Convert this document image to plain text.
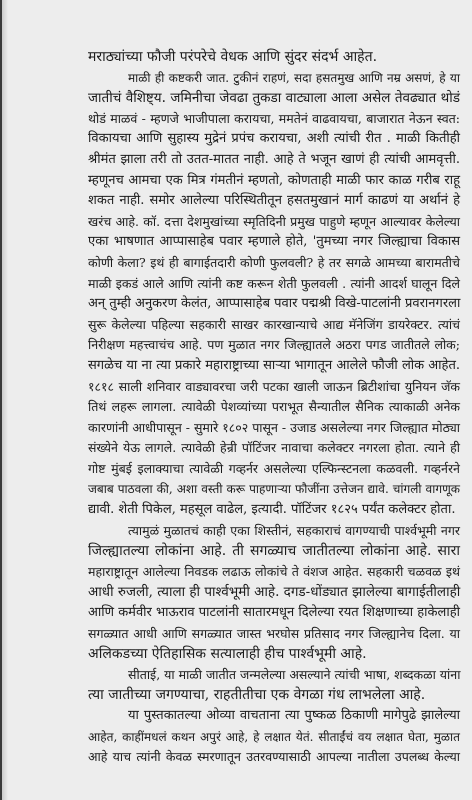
मराठ्यांच्या फौजी परंपरेचे वेधक आणि सुंदर संदर्भ आहेत.
माळी ही कष्टकरी जात. टुकीनं राहणं, सदा हसतमुख आणि नम्र असणं, हे या
जातीचं वैशिष्ट्य. जमिनीचा जेवढा तुकडा वाट्याला आला असेल तेवढ्यात थोडं
थोडं माळवं - म्हणजे भाजीपाला करायचा, ममतेनं वाढवायचा, बाजारात नेऊन स्वत:
विकायचा आणि सुहास्य मुद्रेनं प्रपंच करायचा, अशी त्यांची रीत . माळी कितीही
श्रीमंत झाला तरी तो उतत-मातत नाही. आहे ते भजून खाणं ही त्यांची आमवृत्ती.
म्हणूनच आमचा एक मित्र गंमतीनं म्हणतो, कोणताही माळी फार काळ गरीब राहू
शकत नाही. समोर आलेल्या परिस्थितीतून हसतमुखानं मार्ग काढणं या अर्थानं हे
खरंच आहे. कॉ. दत्ता देशमुखांच्या स्मृतिदिनी प्रमुख पाहुणे म्हणून आल्यावर केलेल्या
एका भाषणात आप्पासाहेब पवार म्हणाले होते, 'तुमच्या नगर जिल्ह्याचा विकास
कोणी केला? इथं ही बागाईतदारी कोणी फुलवली? हे तर सगळे आमच्या बारामतीचे
माळी इकडं आले आणि त्यांनी कष्ट करून शेती फुलवली . त्यांनी आदर्श घालून दिले
अन् तुम्ही अनुकरण केलंत, आप्पासाहेब पवार पद्मश्री विखे-पाटलांनी प्रवरानगरला
सुरू केलेल्या पहिल्या सहकारी साखर कारखान्याचे आद्य मॅनेजिंग डायरेक्टर. त्यांचं
निरीक्षण महत्त्वाचंच आहे. पण मुळात नगर जिल्ह्यातले अठरा पगड जातीतले लोक;
सगळेच या ना त्या प्रकारे महाराष्ट्राच्या साऱ्या भागातून आलेले फौजी लोक आहेत.
१८१८ साली शनिवार वाड्यावरचा जरी पटका खाली जाऊन ब्रिटीशांचा युनियन जॅक
तिथं लहरू लागला. त्यावेळी पेशव्यांच्या पराभूत सैन्यातील सैनिक त्याकाळी अनेक
कारणांनी आधीपासून - सुमारे १८०२ पासून - उजाड असलेल्या नगर जिल्ह्यात मोठ्या
संख्येने येऊ लागले. त्यावेळी हेन्री पॉटिंजर नावाचा कलेक्टर नगरला होता. त्याने ही
गोष्ट मुंबई इलाक्याचा त्यावेळी गव्हर्नर असलेल्या एल्फिन्स्टनला कळवली. गव्हर्नरने
जबाब पाठवला की, अशा वस्ती करू पाहणाऱ्या फौजींना उत्तेजन द्यावे. चांगली वागणूक
द्यावी. शेती पिकेल, महसूल वाढेल, इत्यादी. पॉटिंजर १८२५ पर्यंत कलेक्टर होता.
त्यामुळं मुळातचं काही एका शिस्तीनं, सहकाराचं वागण्याची पार्श्वभूमी नगर
जिल्ह्यातल्या लोकांना आहे. ती सगळ्याच जातीतल्या लोकांना आहे. सारा
महाराष्ट्रातून आलेल्या निवडक लढाऊ लोकांचे ते वंशज आहेत. सहकारी चळवळ इथं
आधी रुजली, त्याला ही पार्श्वभूमी आहे. दगड-धोंड्यात झालेल्या बागाईतीलाही
आणि कर्मवीर भाऊराव पाटलांनी सातारमधून दिलेल्या रयत शिक्षणाच्या हाकेलाही
सगळ्यात आधी आणि सगळ्यात जास्त भरघोस प्रतिसाद नगर जिल्ह्यानेच दिला. या
अलिकडच्या ऐतिहासिक सत्यालाही हीच पार्श्वभूमी आहे.
सीताई, या माळी जातीत जन्मलेल्या असल्याने त्यांची भाषा, शब्दकळा यांना
त्या जातीच्या जगण्याचा, राहतीतीचा एक वेगळा गंध लाभलेला आहे.
या पुस्तकातल्या ओव्या वाचताना त्या पुष्कळ ठिकाणी मागेपुढे झालेल्या
आहेत, काहींमधलं कथन अपुरं आहे, हे लक्षात येतं. सीताईंचं वय लक्षात घेता, मुळात
आहे याच त्यांनी केवळ स्मरणातून उतरवण्यासाठी आपल्या नातीला उपलब्ध केल्या
